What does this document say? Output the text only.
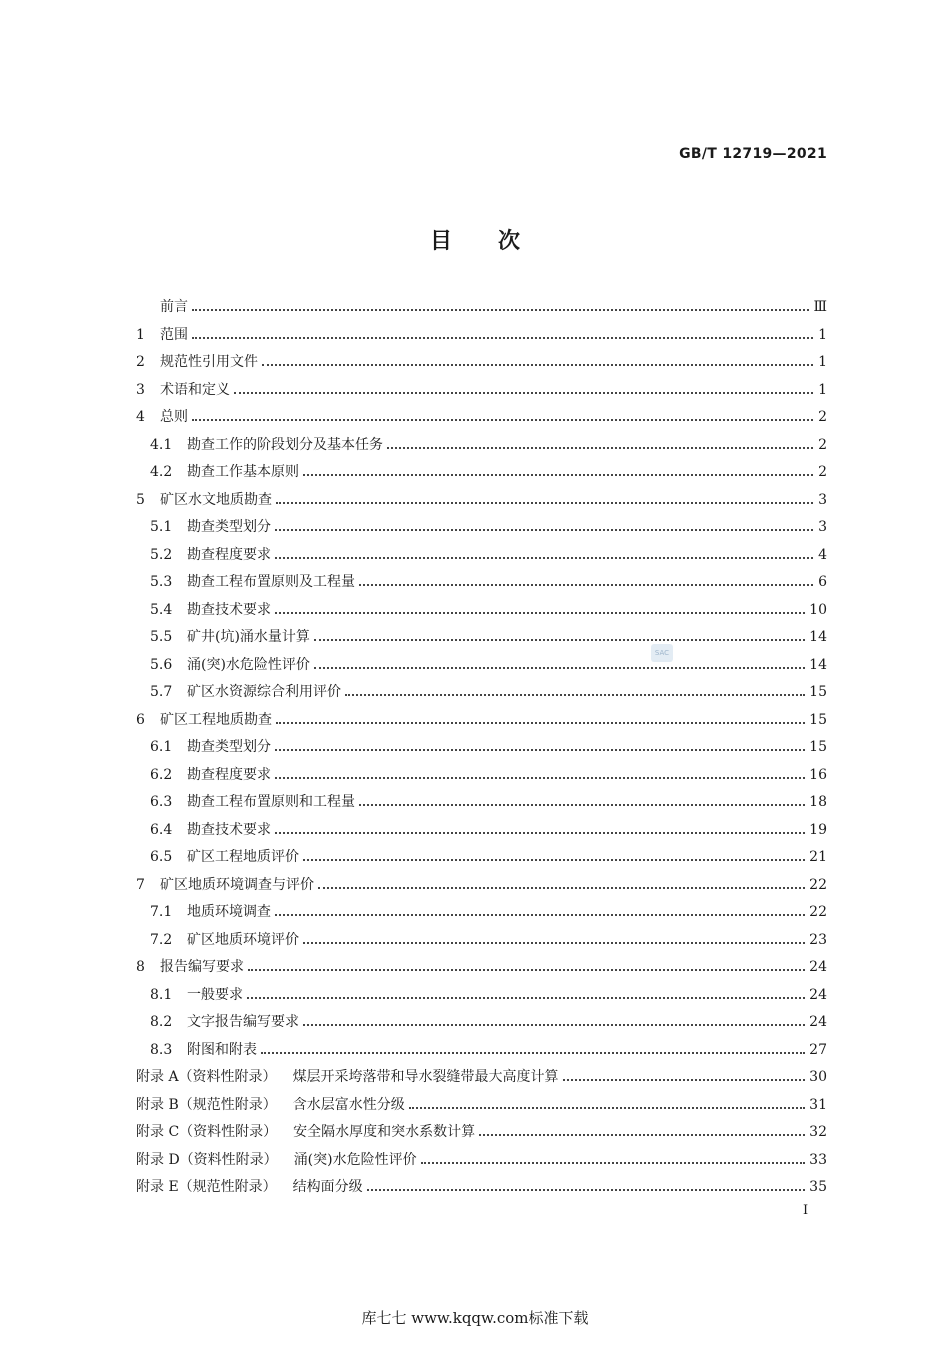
GB/T 12719—2021
目次
前言	Ⅲ
1	范围	1
2	规范性引用文件	1
3	术语和定义	1
4	总则	2
4.1	勘查工作的阶段划分及基本任务	2
4.2	勘查工作基本原则	2
5	矿区水文地质勘查	3
5.1	勘查类型划分	3
5.2	勘查程度要求	4
5.3	勘查工程布置原则及工程量	6
5.4	勘查技术要求	10
5.5	矿井(坑)涌水量计算	14
5.6	涌(突)水危险性评价	14
5.7	矿区水资源综合利用评价	15
6	矿区工程地质勘查	15
6.1	勘查类型划分	15
6.2	勘查程度要求	16
6.3	勘查工程布置原则和工程量	18
6.4	勘查技术要求	19
6.5	矿区工程地质评价	21
7	矿区地质环境调查与评价	22
7.1	地质环境调查	22
7.2	矿区地质环境评价	23
8	报告编写要求	24
8.1	一般要求	24
8.2	文字报告编写要求	24
8.3	附图和附表	27
附录 A（资料性附录） 煤层开采垮落带和导水裂缝带最大高度计算	30
附录 B（规范性附录） 含水层富水性分级	31
附录 C（资料性附录） 安全隔水厚度和突水系数计算	32
附录 D（资料性附录） 涌(突)水危险性评价	33
附录 E（规范性附录） 结构面分级	35
SAC
I
库七七 www.kqqw.com标准下载
